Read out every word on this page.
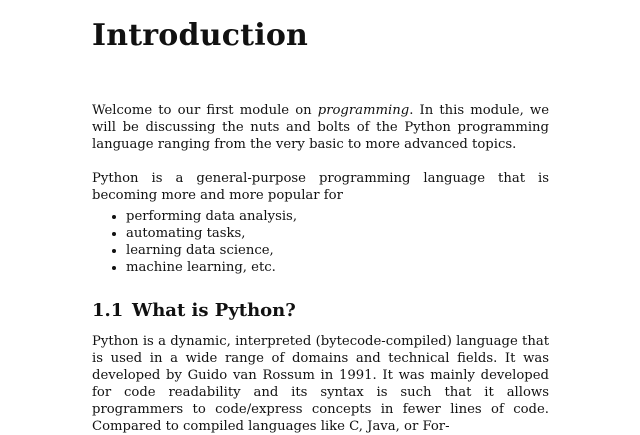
Introduction

Welcome to our first module on programming. In this module, we will be discussing the nuts and bolts of the Python programming language ranging from the very basic to more advanced topics.

Python is a general-purpose programming language that is becoming more and more popular for

• performing data analysis,
• automating tasks,
• learning data science,
• machine learning, etc.
1.1 What is Python?

Python is a dynamic, interpreted (bytecode-compiled) language that is used in a wide range of domains and technical fields. It was developed by Guido van Rossum in 1991. It was mainly developed for code readability and its syntax is such that it allows programmers to code/express concepts in fewer lines of code. Compared to compiled languages like C, Java, or For-
